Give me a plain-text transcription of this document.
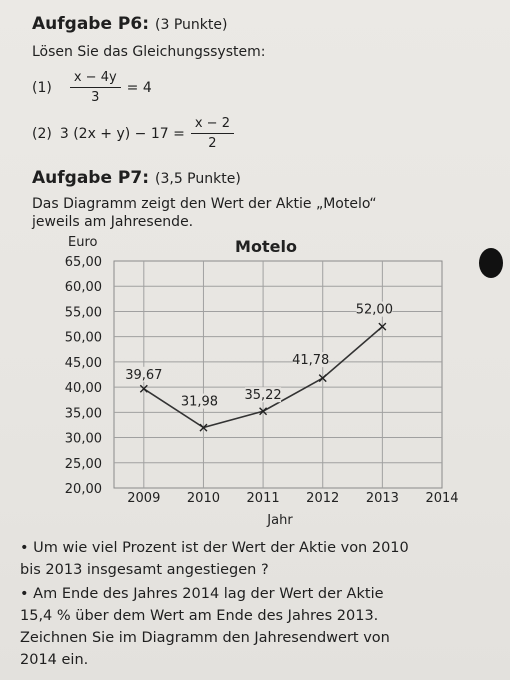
Aufgabe P6: (3 Punkte)
Lösen Sie das Gleichungssystem:
$(1) \frac{x - 4y}{3} = 4$
(2) 3 $(2x + y) - 17 = \frac{x - 2}{2}$
Aufgabe P7: (3,5 Punkte)
Das Diagramm zeigt den Wert der Aktie „Motelo“
jeweils am Jahresende.
20,00
25,00
30,00
35,00
40,00
45,00
50,00
55,00
60,00
65,00
2009 2010 2011 2012 2013 2014
39,67
31,98 35,22
41,78
52,00
Motelo
Euro
Jahr
• Um wie viel Prozent ist der Wert der Aktie von 2010
bis 2013 insgesamt angestiegen ?
• Am Ende des Jahres 2014 lag der Wert der Aktie
15,4 % über dem Wert am Ende des Jahres 2013.
Zeichnen Sie im Diagramm den Jahresendwert von
2014 ein.
